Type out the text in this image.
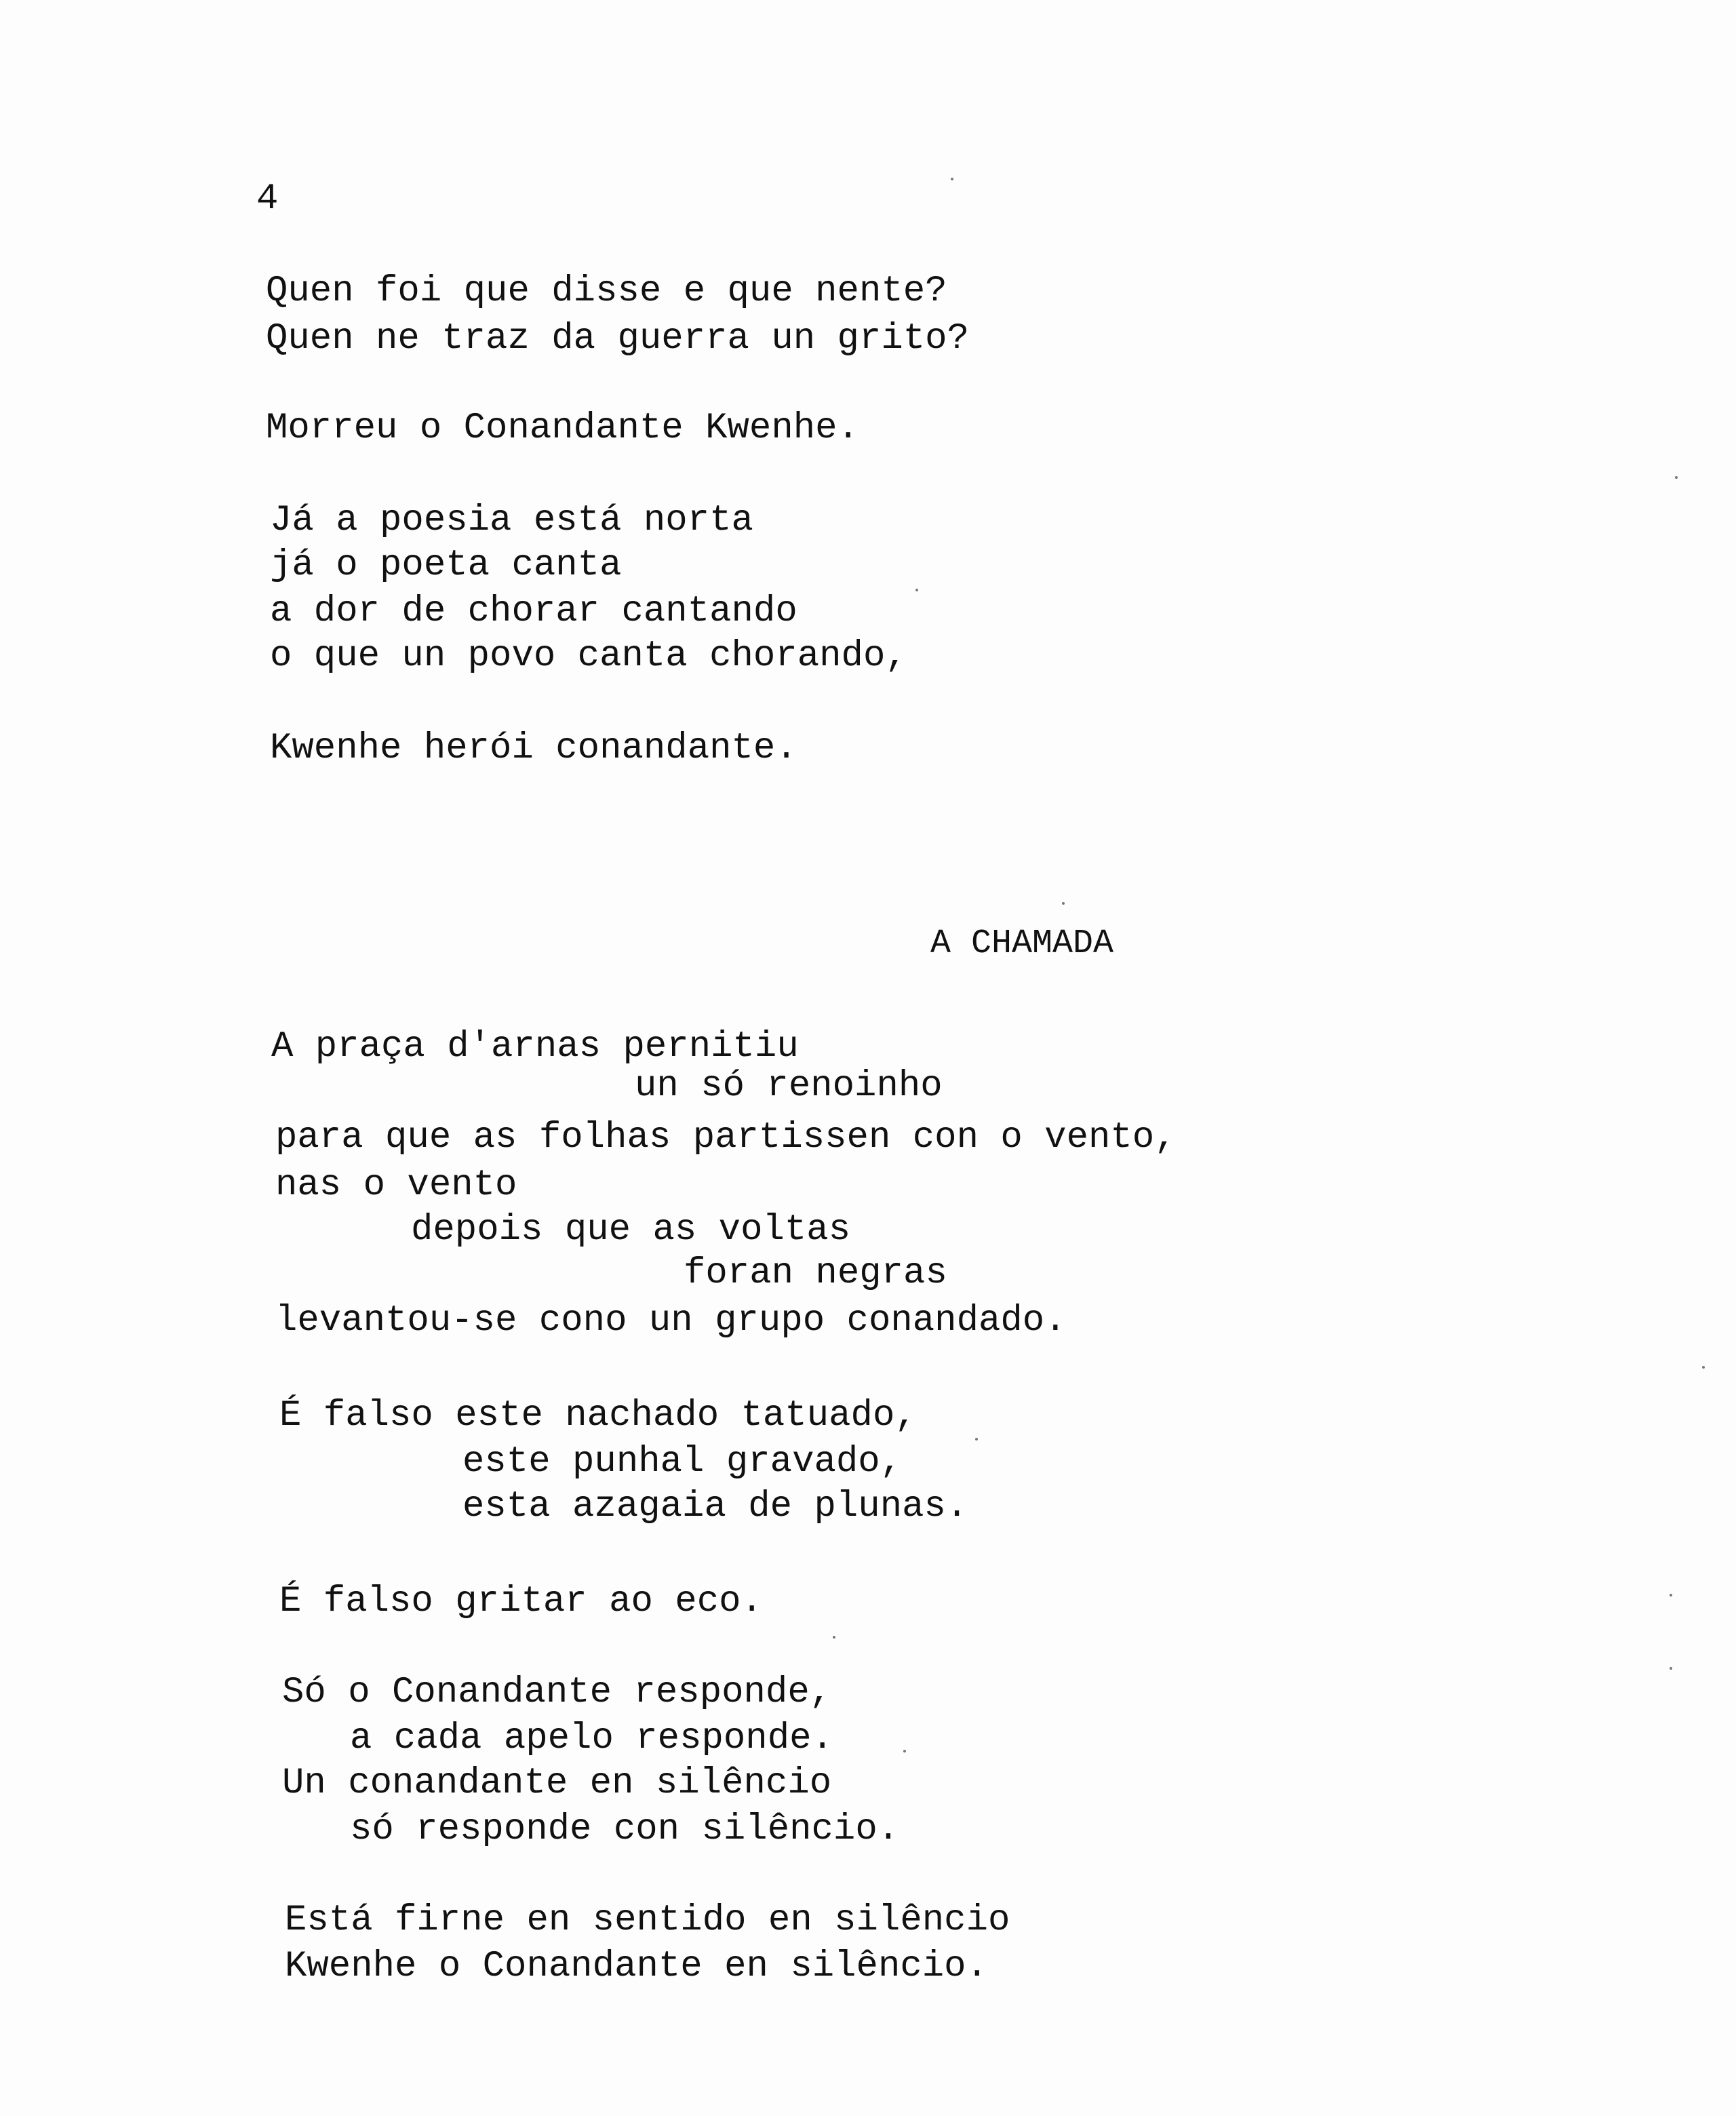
4
Quen foi que disse e que nente?
Quen ne traz da guerra un grito?
Morreu o Conandante Kwenhe.
Já a poesia está norta
já o poeta canta
a dor de chorar cantando
o que un povo canta chorando,
Kwenhe herói conandante.
A CHAMADA
A praça d'arnas pernitiu
un só renoinho
para que as folhas partissen con o vento,
nas o vento
depois que as voltas
foran negras
levantou-se cono un grupo conandado.
É falso este nachado tatuado,
este punhal gravado,
esta azagaia de plunas.
É falso gritar ao eco.
Só o Conandante responde,
a cada apelo responde.
Un conandante en silêncio
só responde con silêncio.
Está firne en sentido en silêncio
Kwenhe o Conandante en silêncio.
